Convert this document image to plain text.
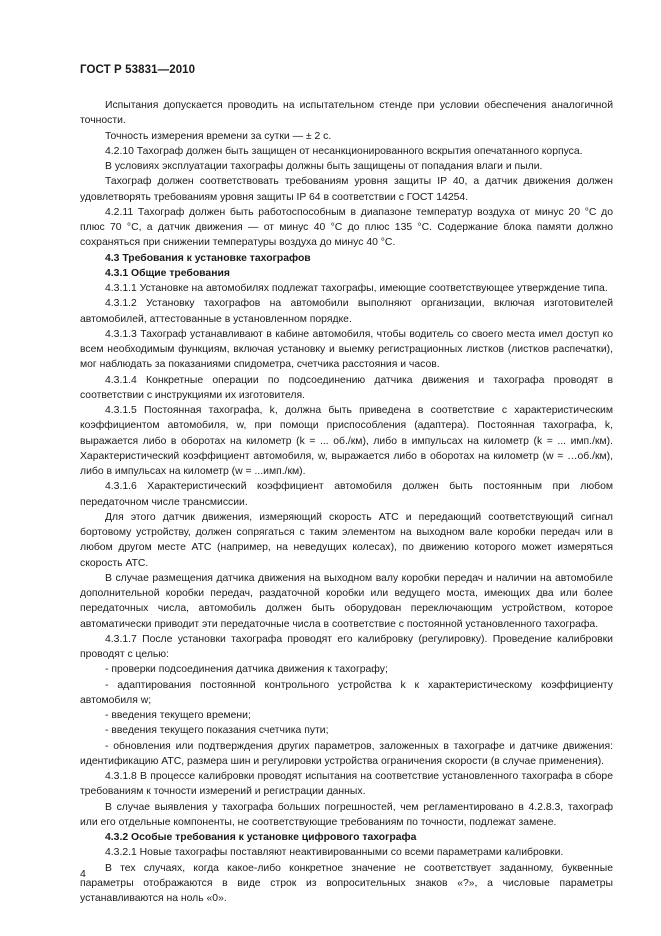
ГОСТ Р 53831—2010

Испытания допускается проводить на испытательном стенде при условии обеспечения аналогичной точности.

Точность измерения времени за сутки — ± 2 с.

4.2.10 Тахограф должен быть защищен от несанкционированного вскрытия опечатанного корпуса.

В условиях эксплуатации тахографы должны быть защищены от попадания влаги и пыли.

Тахограф должен соответствовать требованиям уровня защиты IP 40, а датчик движения должен удовлетворять требованиям уровня защиты IP 64 в соответствии с ГОСТ 14254.

4.2.11 Тахограф должен быть работоспособным в диапазоне температур воздуха от минус 20 °С до плюс 70 °С, а датчик движения — от минус 40 °С до плюс 135 °С. Содержание блока памяти должно сохраняться при снижении температуры воздуха до минус 40 °С.

4.3 Требования к установке тахографов

4.3.1 Общие требования

4.3.1.1 Установке на автомобилях подлежат тахографы, имеющие соответствующее утверждение типа.

4.3.1.2 Установку тахографов на автомобили выполняют организации, включая изготовителей автомобилей, аттестованные в установленном порядке.

4.3.1.3 Тахограф устанавливают в кабине автомобиля, чтобы водитель со своего места имел доступ ко всем необходимым функциям, включая установку и выемку регистрационных листков (листков распечатки), мог наблюдать за показаниями спидометра, счетчика расстояния и часов.

4.3.1.4 Конкретные операции по подсоединению датчика движения и тахографа проводят в соответствии с инструкциями их изготовителя.

4.3.1.5 Постоянная тахографа, k, должна быть приведена в соответствие с характеристическим коэффициентом автомобиля, w, при помощи приспособления (адаптера). Постоянная тахографа, k, выражается либо в оборотах на километр (k = ... об./км), либо в импульсах на километр (k = ... имп./км). Характеристический коэффициент автомобиля, w, выражается либо в оборотах на километр (w = …об./км), либо в импульсах на километр (w = ...имп./км).

4.3.1.6 Характеристический коэффициент автомобиля должен быть постоянным при любом передаточном числе трансмиссии.

Для этого датчик движения, измеряющий скорость АТС и передающий соответствующий сигнал бортовому устройству, должен сопрягаться с таким элементом на выходном вале коробки передач или в любом другом месте АТС (например, на неведущих колесах), по движению которого может измеряться скорость АТС.

В случае размещения датчика движения на выходном валу коробки передач и наличии на автомобиле дополнительной коробки передач, раздаточной коробки или ведущего моста, имеющих два или более передаточных числа, автомобиль должен быть оборудован переключающим устройством, которое автоматически приводит эти передаточные числа в соответствие с постоянной установленного тахографа.

4.3.1.7 После установки тахографа проводят его калибровку (регулировку). Проведение калибровки проводят с целью:

- проверки подсоединения датчика движения к тахографу;

- адаптирования постоянной контрольного устройства k к характеристическому коэффициенту автомобиля w;

- введения текущего времени;

- введения текущего показания счетчика пути;

- обновления или подтверждения других параметров, заложенных в тахографе и датчике движения: идентификацию АТС, размера шин и регулировки устройства ограничения скорости (в случае применения).

4.3.1.8 В процессе калибровки проводят испытания на соответствие установленного тахографа в сборе требованиям к точности измерений и регистрации данных.

В случае выявления у тахографа больших погрешностей, чем регламентировано в 4.2.8.3, тахограф или его отдельные компоненты, не соответствующие требованиям по точности, подлежат замене.

4.3.2 Особые требования к установке цифрового тахографа

4.3.2.1 Новые тахографы поставляют неактивированными со всеми параметрами калибровки.

В тех случаях, когда какое-либо конкретное значение не соответствует заданному, буквенные параметры отображаются в виде строк из вопросительных знаков «?», а числовые параметры устанавливаются на ноль «0».

4
